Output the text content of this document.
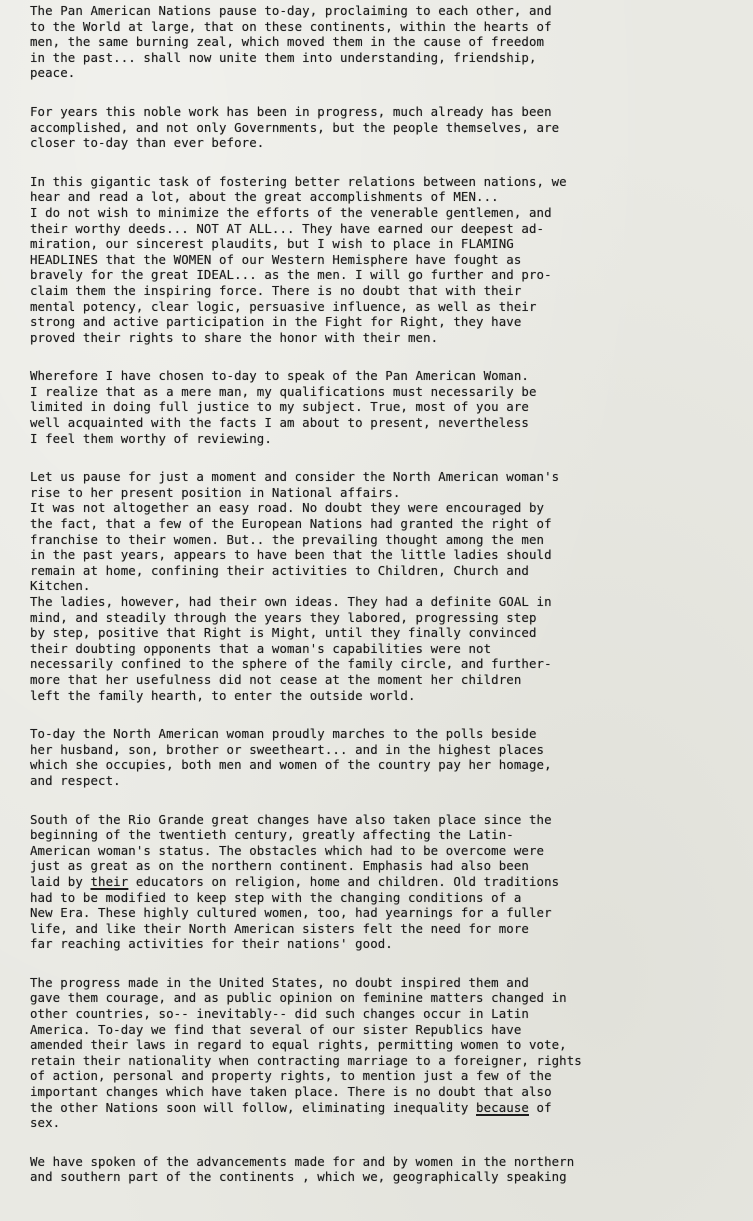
The Pan American Nations pause to-day, proclaiming to each other, and
to the World at large, that on these continents, within the hearts of
men, the same burning zeal, which moved them in the cause of freedom
in the past... shall now unite them into understanding, friendship,
peace.
For years this noble work has been in progress, much already has been
accomplished, and not only Governments, but the people themselves, are
closer to-day than ever before.
In this gigantic task of fostering better relations between nations, we
hear and read a lot, about the great accomplishments of MEN...
I do not wish to minimize the efforts of the venerable gentlemen, and
their worthy deeds... NOT AT ALL... They have earned our deepest ad-
miration, our sincerest plaudits, but I wish to place in FLAMING
HEADLINES that the WOMEN of our Western Hemisphere have fought as
bravely for the great IDEAL... as the men. I will go further and pro-
claim them the inspiring force. There is no doubt that with their
mental potency, clear logic, persuasive influence, as well as their
strong and active participation in the Fight for Right, they have
proved their rights to share the honor with their men.
Wherefore I have chosen to-day to speak of the Pan American Woman.
I realize that as a mere man, my qualifications must necessarily be
limited in doing full justice to my subject. True, most of you are
well acquainted with the facts I am about to present, nevertheless
I feel them worthy of reviewing.
Let us pause for just a moment and consider the North American woman's
rise to her present position in National affairs.
It was not altogether an easy road. No doubt they were encouraged by
the fact, that a few of the European Nations had granted the right of
franchise to their women. But.. the prevailing thought among the men
in the past years, appears to have been that the little ladies should
remain at home, confining their activities to Children, Church and
Kitchen.
The ladies, however, had their own ideas. They had a definite GOAL in
mind, and steadily through the years they labored, progressing step
by step, positive that Right is Might, until they finally convinced
their doubting opponents that a woman's capabilities were not
necessarily confined to the sphere of the family circle, and further-
more that her usefulness did not cease at the moment her children
left the family hearth, to enter the outside world.
To-day the North American woman proudly marches to the polls beside
her husband, son, brother or sweetheart... and in the highest places
which she occupies, both men and women of the country pay her homage,
and respect.
South of the Rio Grande great changes have also taken place since the
beginning of the twentieth century, greatly affecting the Latin-
American woman's status. The obstacles which had to be overcome were
just as great as on the northern continent. Emphasis had also been
laid by their educators on religion, home and children. Old traditions
had to be modified to keep step with the changing conditions of a
New Era. These highly cultured women, too, had yearnings for a fuller
life, and like their North American sisters felt the need for more
far reaching activities for their nations' good.
The progress made in the United States, no doubt inspired them and
gave them courage, and as public opinion on feminine matters changed in
other countries, so-- inevitably-- did such changes occur in Latin
America. To-day we find that several of our sister Republics have
amended their laws in regard to equal rights, permitting women to vote,
retain their nationality when contracting marriage to a foreigner, rights
of action, personal and property rights, to mention just a few of the
important changes which have taken place. There is no doubt that also
the other Nations soon will follow, eliminating inequality because of
sex.
We have spoken of the advancements made for and by women in the northern
and southern part of the continents , which we, geographically speaking
